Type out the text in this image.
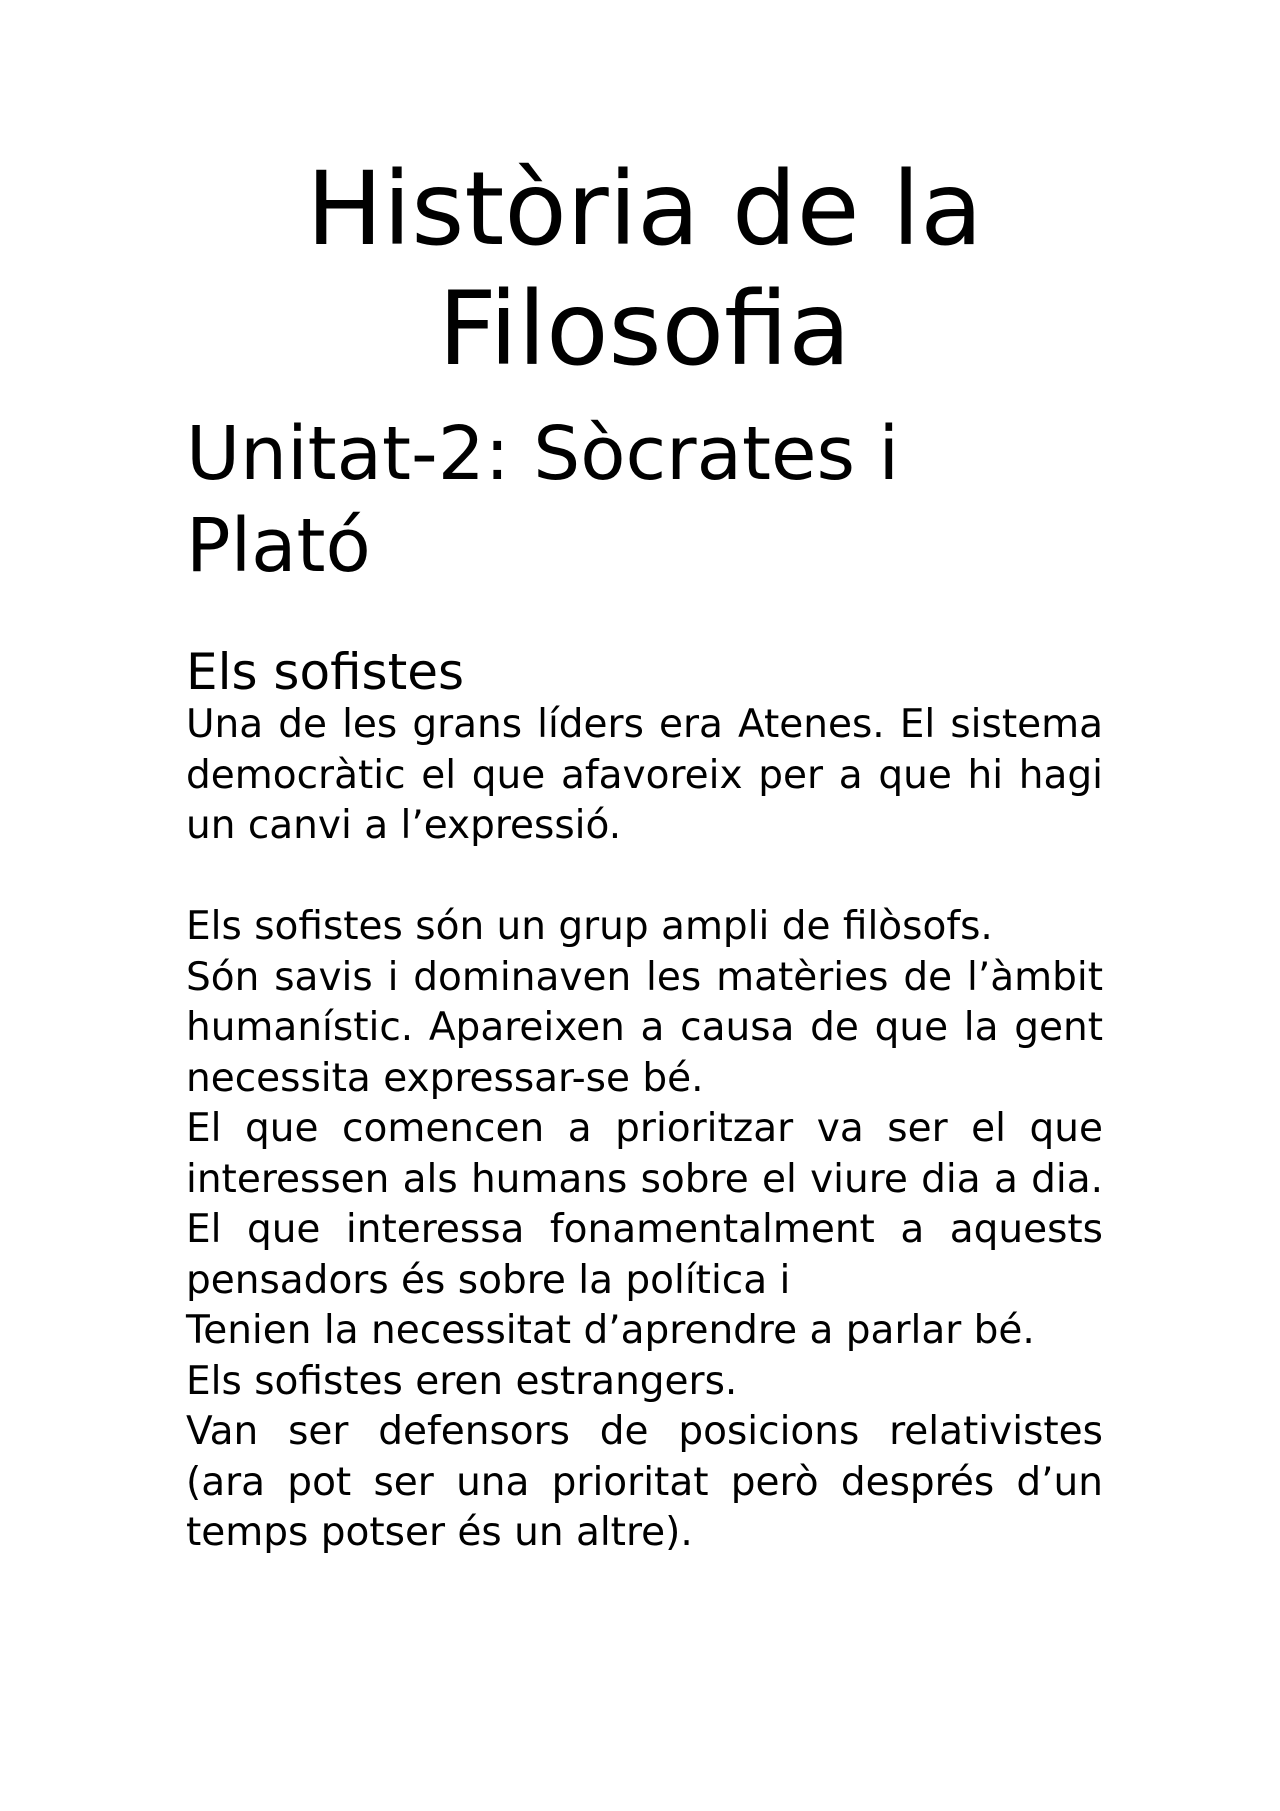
Història de la Filosofia
Unitat-2: Sòcrates i Plató
Els sofistes

Una de les grans líders era Atenes. El sistema democràtic el que afavoreix per a que hi hagi un canvi a l’expressió.

Els sofistes són un grup ampli de filòsofs.

Són savis i dominaven les matèries de l’àmbit humanístic. Apareixen a causa de que la gent necessita expressar-se bé.

El que comencen a prioritzar va ser el que interessen als humans sobre el viure dia a dia. El que interessa fonamentalment a aquests pensadors és sobre la política i

Tenien la necessitat d’aprendre a parlar bé.

Els sofistes eren estrangers.

Van ser defensors de posicions relativistes (ara pot ser una prioritat però després d’un temps potser és un altre).
